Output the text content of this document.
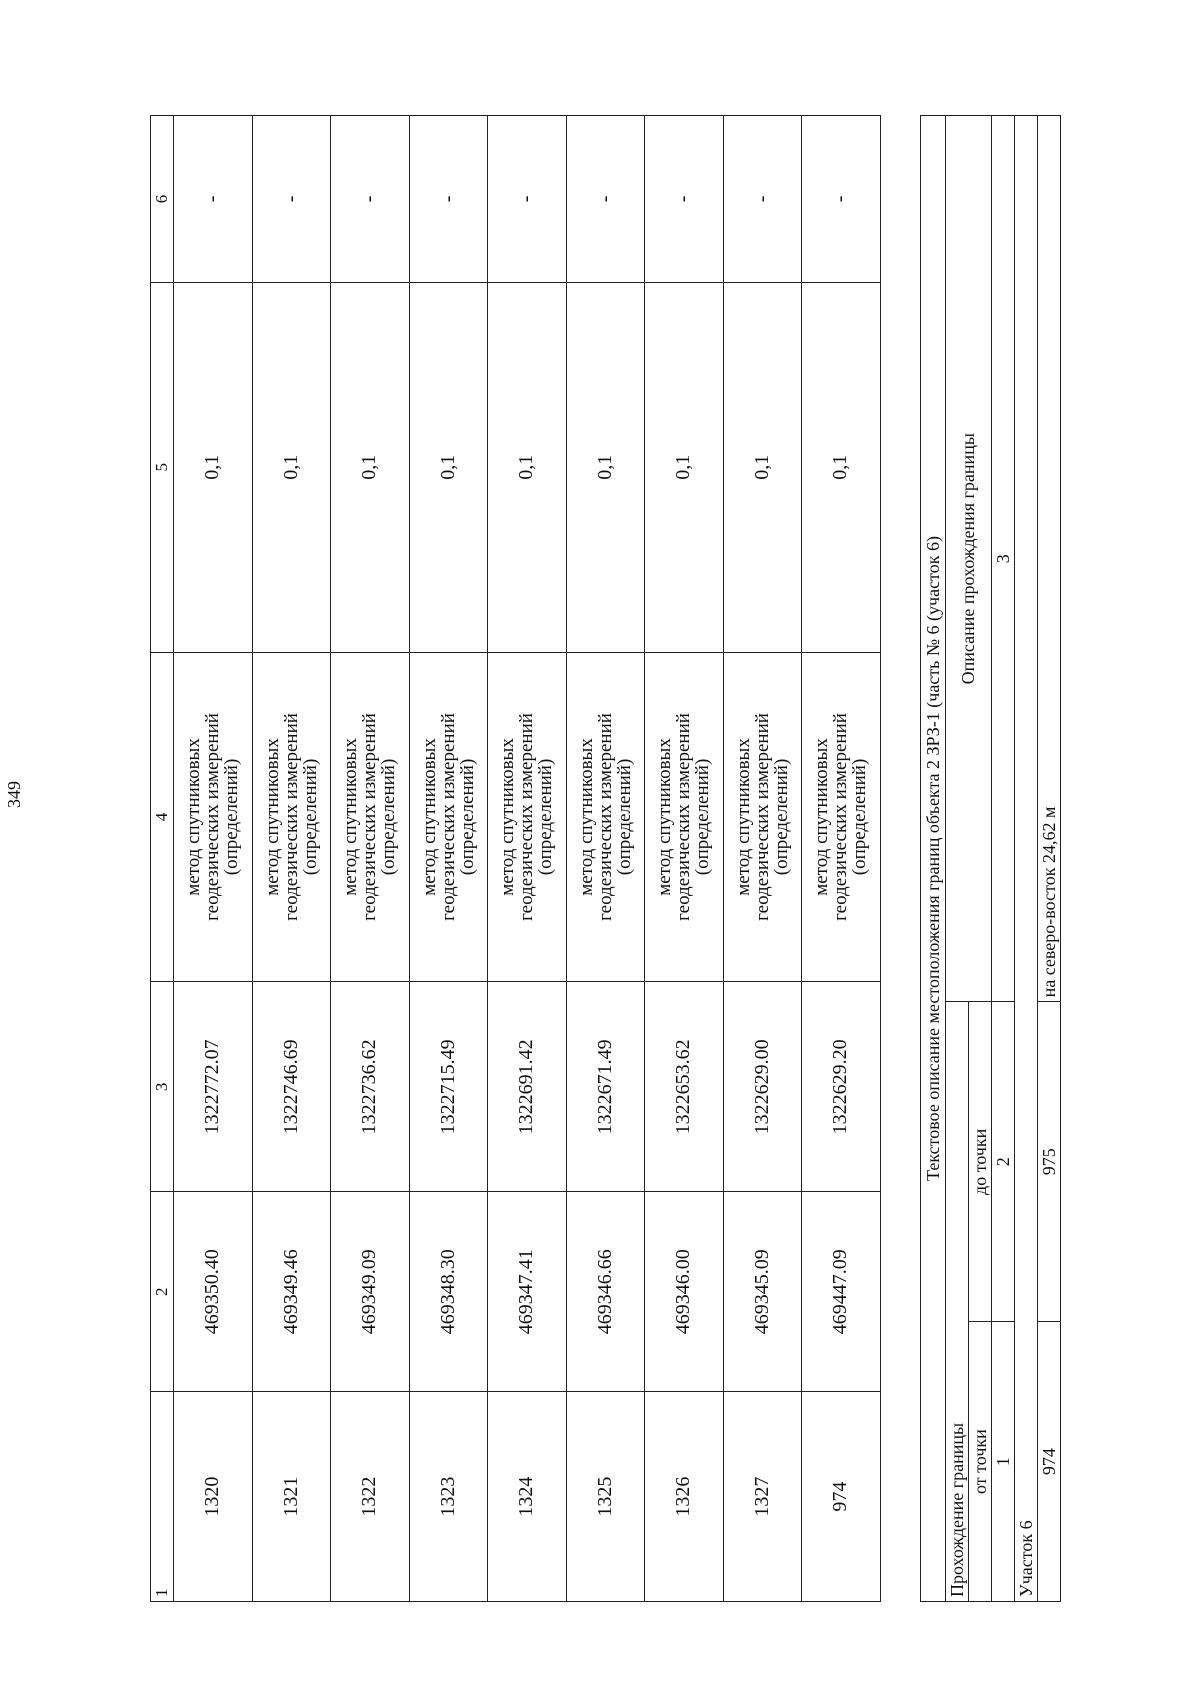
349
1	2	3	4	5	6
1320	469350.40	1322772.07	метод спутниковых
геодезических измерений
(определений)	0,1	-
1321	469349.46	1322746.69	метод спутниковых
геодезических измерений
(определений)	0,1	-
1322	469349.09	1322736.62	метод спутниковых
геодезических измерений
(определений)	0,1	-
1323	469348.30	1322715.49	метод спутниковых
геодезических измерений
(определений)	0,1	-
1324	469347.41	1322691.42	метод спутниковых
геодезических измерений
(определений)	0,1	-
1325	469346.66	1322671.49	метод спутниковых
геодезических измерений
(определений)	0,1	-
1326	469346.00	1322653.62	метод спутниковых
геодезических измерений
(определений)	0,1	-
1327	469345.09	1322629.00	метод спутниковых
геодезических измерений
(определений)	0,1	-
974	469447.09	1322629.20	метод спутниковых
геодезических измерений
(определений)	0,1	-
Текстовое описание местоположения границ объекта 2 ЗРЗ-1 (часть № 6 (участок 6)		
Прохождение границы		Описание прохождения границы
от точки	до точки	
1	2	3
Участок 6		
974	975	на северо-восток 24,62 м
